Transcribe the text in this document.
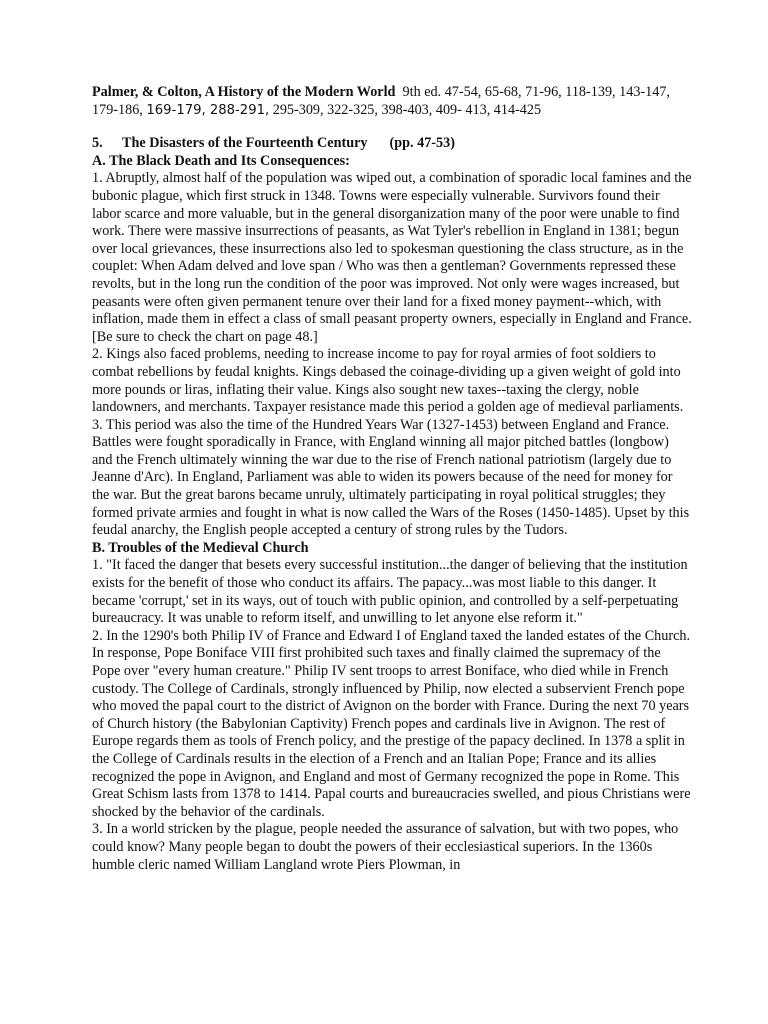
Palmer, & Colton, A History of the Modern World 9th ed. 47-54, 65-68, 71-96, 118-139, 143-147, 179-186, 169-179, 288-291, 295-309, 322-325, 398-403, 409- 413, 414-425
5. The Disasters of the Fourteenth Century (pp. 47-53)
A. The Black Death and Its Consequences:

1. Abruptly, almost half of the population was wiped out, a combination of sporadic local famines and the bubonic plague, which first struck in 1348. Towns were especially vulnerable. Survivors found their labor scarce and more valuable, but in the general disorganization many of the poor were unable to find work. There were massive insurrections of peasants, as Wat Tyler's rebellion in England in 1381; begun over local grievances, these insurrections also led to spokesman questioning the class structure, as in the couplet: When Adam delved and love span / Who was then a gentleman? Governments repressed these revolts, but in the long run the condition of the poor was improved. Not only were wages increased, but peasants were often given permanent tenure over their land for a fixed money payment--which, with inflation, made them in effect a class of small peasant property owners, especially in England and France. [Be sure to check the chart on page 48.]

2. Kings also faced problems, needing to increase income to pay for royal armies of foot soldiers to combat rebellions by feudal knights. Kings debased the coinage-dividing up a given weight of gold into more pounds or liras, inflating their value. Kings also sought new taxes--taxing the clergy, noble landowners, and merchants. Taxpayer resistance made this period a golden age of medieval parliaments.

3. This period was also the time of the Hundred Years War (1327-1453) between England and France. Battles were fought sporadically in France, with England winning all major pitched battles (longbow) and the French ultimately winning the war due to the rise of French national patriotism (largely due to Jeanne d'Arc). In England, Parliament was able to widen its powers because of the need for money for the war. But the great barons became unruly, ultimately participating in royal political struggles; they formed private armies and fought in what is now called the Wars of the Roses (1450-1485). Upset by this feudal anarchy, the English people accepted a century of strong rules by the Tudors.

B. Troubles of the Medieval Church

1. "It faced the danger that besets every successful institution...the danger of believing that the institution exists for the benefit of those who conduct its affairs. The papacy...was most liable to this danger. It became 'corrupt,' set in its ways, out of touch with public opinion, and controlled by a self-perpetuating bureaucracy. It was unable to reform itself, and unwilling to let anyone else reform it."

2. In the 1290's both Philip IV of France and Edward I of England taxed the landed estates of the Church. In response, Pope Boniface VIII first prohibited such taxes and finally claimed the supremacy of the Pope over "every human creature." Philip IV sent troops to arrest Boniface, who died while in French custody. The College of Cardinals, strongly influenced by Philip, now elected a subservient French pope who moved the papal court to the district of Avignon on the border with France. During the next 70 years of Church history (the Babylonian Captivity) French popes and cardinals live in Avignon. The rest of Europe regards them as tools of French policy, and the prestige of the papacy declined. In 1378 a split in the College of Cardinals results in the election of a French and an Italian Pope; France and its allies recognized the pope in Avignon, and England and most of Germany recognized the pope in Rome. This Great Schism lasts from 1378 to 1414. Papal courts and bureaucracies swelled, and pious Christians were shocked by the behavior of the cardinals.

3. In a world stricken by the plague, people needed the assurance of salvation, but with two popes, who could know? Many people began to doubt the powers of their ecclesiastical superiors. In the 1360s humble cleric named William Langland wrote Piers Plowman, in
